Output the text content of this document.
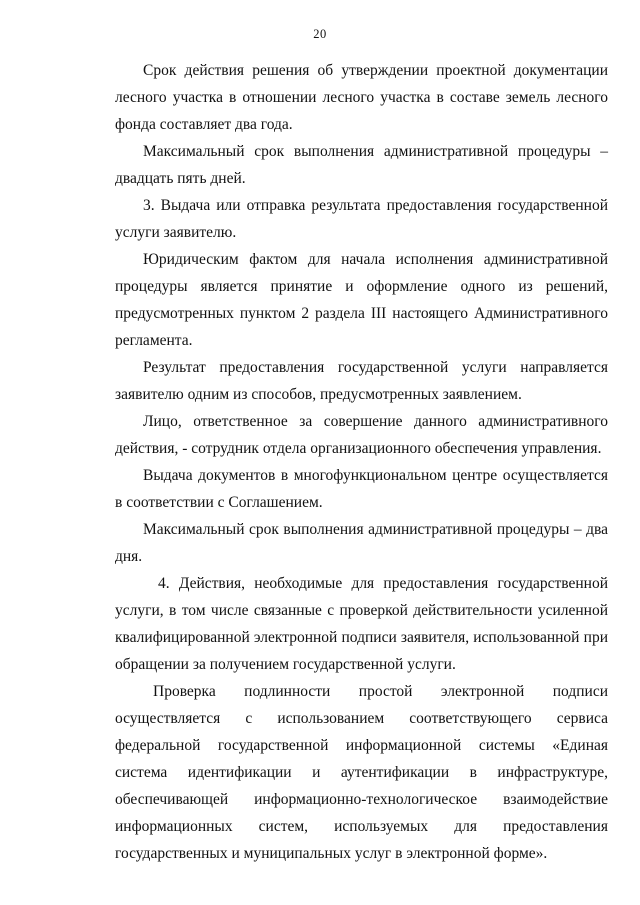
20

Срок действия решения об утверждении проектной документации лесного участка в отношении лесного участка в составе земель лесного фонда составляет два года.

Максимальный срок выполнения административной процедуры – двадцать пять дней.

3. Выдача или отправка результата предоставления государственной услуги заявителю.

Юридическим фактом для начала исполнения административной процедуры является принятие и оформление одного из решений, предусмотренных пунктом 2 раздела III настоящего Административного регламента.

Результат предоставления государственной услуги направляется заявителю одним из способов, предусмотренных заявлением.

Лицо, ответственное за совершение данного административного действия, - сотрудник отдела организационного обеспечения управления.

Выдача документов в многофункциональном центре осуществляется в соответствии с Соглашением.

Максимальный срок выполнения административной процедуры – два дня.

4. Действия, необходимые для предоставления государственной услуги, в том числе связанные с проверкой действительности усиленной квалифицированной электронной подписи заявителя, использованной при обращении за получением государственной услуги.

Проверка подлинности простой электронной подписи осуществляется с использованием соответствующего сервиса федеральной государственной информационной системы «Единая система идентификации и аутентификации в инфраструктуре, обеспечивающей информационно-технологическое взаимодействие информационных систем, используемых для предоставления государственных и муниципальных услуг в электронной форме».
